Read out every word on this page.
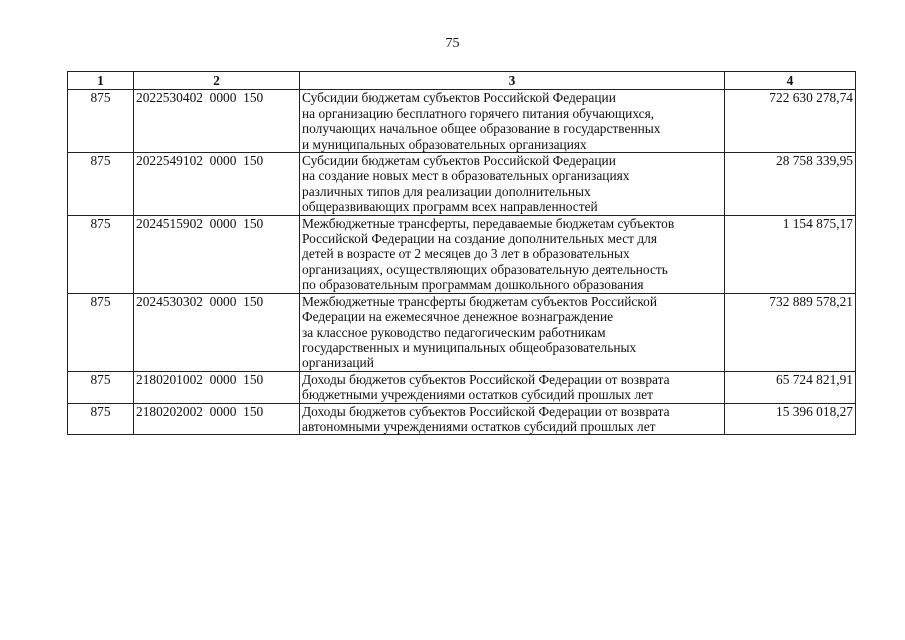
75
1	2	3	4
875	2022530402  0000  150	Субсидии бюджетам субъектов Российской Федерации
на организацию бесплатного горячего питания обучающихся,
получающих начальное общее образование в государственных
и муниципальных образовательных организациях	722 630 278,74
875	2022549102  0000  150	Субсидии бюджетам субъектов Российской Федерации
на создание новых мест в образовательных организациях
различных типов для реализации дополнительных
общеразвивающих программ всех направленностей	28 758 339,95
875	2024515902  0000  150	Межбюджетные трансферты, передаваемые бюджетам субъектов
Российской Федерации на создание дополнительных мест для
детей в возрасте от 2 месяцев до 3 лет в образовательных
организациях, осуществляющих образовательную деятельность
по образовательным программам дошкольного образования	1 154 875,17
875	2024530302  0000  150	Межбюджетные трансферты бюджетам субъектов Российской
Федерации на ежемесячное денежное вознаграждение
за классное руководство педагогическим работникам
государственных и муниципальных общеобразовательных
организаций	732 889 578,21
875	2180201002  0000  150	Доходы бюджетов субъектов Российской Федерации от возврата
бюджетными учреждениями остатков субсидий прошлых лет	65 724 821,91
875	2180202002  0000  150	Доходы бюджетов субъектов Российской Федерации от возврата
автономными учреждениями остатков субсидий прошлых лет	15 396 018,27
